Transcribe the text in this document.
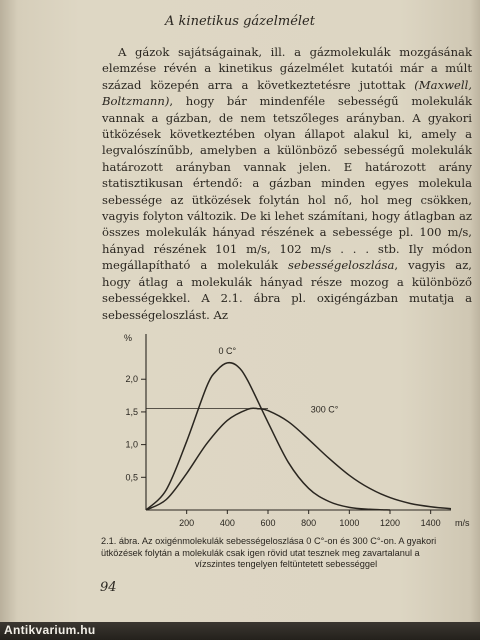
A kinetikus gázelmélet
A gázok sajátságainak, ill. a gázmolekulák mozgásának elemzése révén a kinetikus gázelmélet kutatói már a múlt század közepén arra a következtetésre jutottak (Maxwell, Boltzmann), hogy bár mindenféle sebességű molekulák vannak a gázban, de nem tetszőleges arányban. A gyakori ütközések következtében olyan állapot alakul ki, amely a legvalószínűbb, amelyben a különböző sebességű molekulák határozott arányban vannak jelen. E határozott arány statisztikusan értendő: a gázban minden egyes molekula sebessége az ütközések folytán hol nő, hol meg csökken, vagyis folyton változik. De ki lehet számítani, hogy átlagban az összes molekulák hányad részének a sebessége pl. 100 m/s, hányad részének 101 m/s, 102 m/s . . . stb. Ily módon megállapítható a molekulák sebességeloszlása, vagyis az, hogy átlag a molekulák hányad része mozog a különböző sebességekkel. A 2.1. ábra pl. oxigéngázban mutatja a sebességeloszlást. Az
0,5
1,0
1,5
2,0
200	400	600	800	1000 1200 1400
%
m/s
0 C°
300 C°
2.1. ábra. Az oxigénmolekulák sebességeloszlása 0 C°-on és 300 C°-on. A gyakori ütközések folytán a molekulák csak igen rövid utat tesznek meg zavartalanul a
vízszintes tengelyen feltüntetett sebességgel
94
Antikvarium.hu
